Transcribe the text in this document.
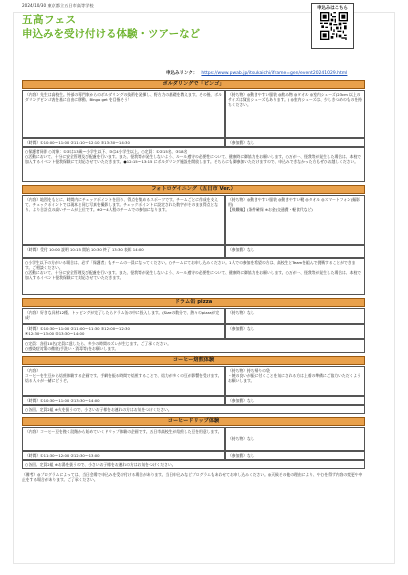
2024/10/30 東京都立五日市高等学校
五高フェス
申込みを受け付ける体験・ツアーなど
申込みはこちら
申込みリンク： https://www.pwab.jp/itsukaichi/iframe=gen/event20241029.html
ボルダリングで「ピンゴ」
（内容）先生は高校生。外部の専門家からのボルダリングの技術を発揮し、野方力の基礎を教えます。その後、ボルダリングビンゴ表を基に自由に移動、Bingo get を目指そう！
（持ち物）◎動きやすい服装 ◎飲み物 ◎タオル ◎室内シューズ(23cm 以上のサイズは貸出シューズもあります。) ◎室内シューズは、少しきつめのものを持ちください。
（時間）①10:00〜11:00 ②11:10〜12:10 ③13:30〜14:30	（参加費）なし
○保護者同伴 ○対象：①②は13歳〜小学生以下、③は4小学生以上。○定員：①②15名、③18名
○活動において、十分に安全管理及び配慮を行います。また、怪我等が発生しないよう、ルール遵守の必要性について、健康時に御協力をお願いします。○万が一、怪我等が発生した場合は、本校で加入するイベント怪我保険にて対応させていただきます。●12:15〜13:15 にボルダリング施設を開放します。そちらにも御参加いただけますので、申込みできなかった方もぜひお越しください。
フォトロゲイニング（五日市 Ver.）
（内容）地図をもとに、時間内にチェックポイントを回り、得点を集めるスポーツです。チームごとに作成を支えて、チェックポイントでは現本と同じ写真を撮影します。チェックポイントに設定された数字がそのまま得点となり、より合計点の高いチームが上位です。※2〜4人程のチームでの参加になります。
（持ち物）◎動きやすい服装 ◎動きやすい靴 ◎タオル ◎スマートフォン(撮影用)
【飛躍編】(条件確保 ※お金(交通費・軽食代など)
（時間）受付 10:00 説明 10:15 開始 10:30 終了 13:30 表彰 14:00	（参加費）なし
○小学生以下の方がいる場合は、必ず「保護者」もチームの一員になってください。○チームにてお申し込みください。1人での参加を希望の方は、高校生とTeamを組んで挑戦することができます。ご相談ください。
○活動において、十分に安全管理及び配慮を行います。また、怪我等が発生しないよう、ルール遵守の必要性について、健康時に御協力をお願いします。○万が一、怪我等が発生した場合は、本校で加入するイベント怪我保険にて対応させていただきます。
ドラム缶 pizza
（内容）好きな具材12種、トッピングが完了したらドラム缶の中に投入します。(Sizeの数分で、熱々のpizzaが完成！
（持ち物）なし
（時間）①10:30〜11:00 ②11:00〜11:30 ③12:00〜12:30
④12:30〜13:00 ⑤13:30〜14:00
（参加費）なし
○定員：各回10名(定員に達したら、多少の時間のズレが生じます。ご了承ください。
○感染症対策の徹底(手洗い・消毒等)をお願いします。
コーヒー焙煎体験
（内容）
コーヒーを生豆から焙煎体験する企画です。手網を振る時間で焙煎することで、焙力が多くの豆が影響を受けます。焙る人々が一緒にどうぞ。
（持ち物）持ち帰りの袋
・焼の良いが振に付くことを気にされる方は上着の準備にご協力いただくようお願いします。
（時間）①10:30〜11:00 ②13:30〜14:00	（参加費）なし
○各回、定員2組 ※火を扱うので、小さいお子様をお連れの方はお気をつけください。
コーヒードリップ体験
（内容）コーヒー豆を挽く段階から始めていくドリップ体験の企画です。五日市高校生が焙煎した豆を用意します。
（持ち物）なし
（時間）①11:30〜12:00 ②12:30〜13:00	（参加費）なし
○各回、定員2組 ※お湯を扱うので、小さいお子様をお連れの方はお気をつけください。
（備考）◎プログラムによっては、当日会場で申込みを受け付ける場合があります。当日申込みなどプログラムもあわせてお申し込みください。◎天候その他の理由により、やむを得ず内容の変更や中止をする場合があります。ご了承ください。
